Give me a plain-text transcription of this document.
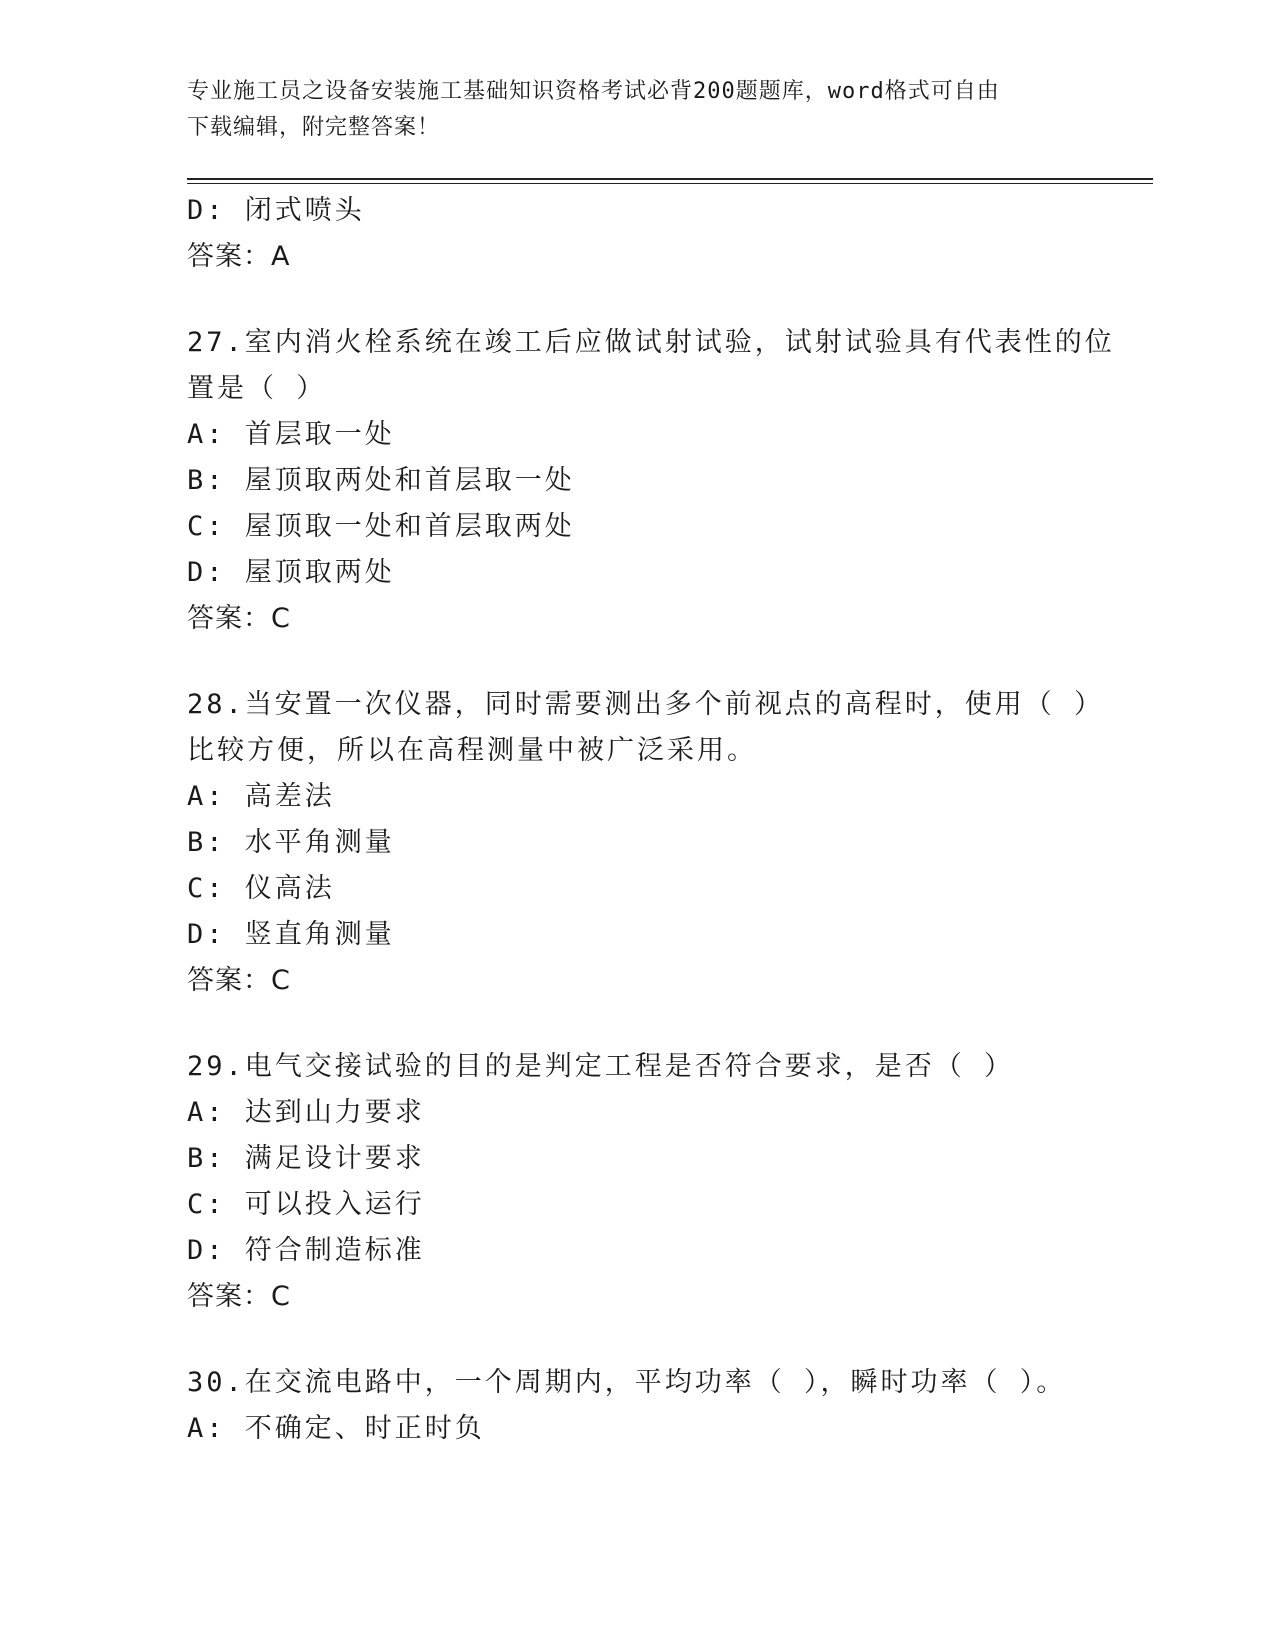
专业施工员之设备安装施工基础知识资格考试必背200题题库，word格式可自由
下载编辑，附完整答案！
D: 闭式喷头
答案：A
27.室内消火栓系统在竣工后应做试射试验，试射试验具有代表性的位
置是（ ）
A: 首层取一处
B: 屋顶取两处和首层取一处
C: 屋顶取一处和首层取两处
D: 屋顶取两处
答案：C
28.当安置一次仪器，同时需要测出多个前视点的高程时，使用（ ）
比较方便，所以在高程测量中被广泛采用。
A: 高差法
B: 水平角测量
C: 仪高法
D: 竖直角测量
答案：C
29.电气交接试验的目的是判定工程是否符合要求，是否（ ）
A: 达到山力要求
B: 满足设计要求
C: 可以投入运行
D: 符合制造标准
答案：C
30.在交流电路中，一个周期内，平均功率（ ），瞬时功率（ ）。
A: 不确定、时正时负
